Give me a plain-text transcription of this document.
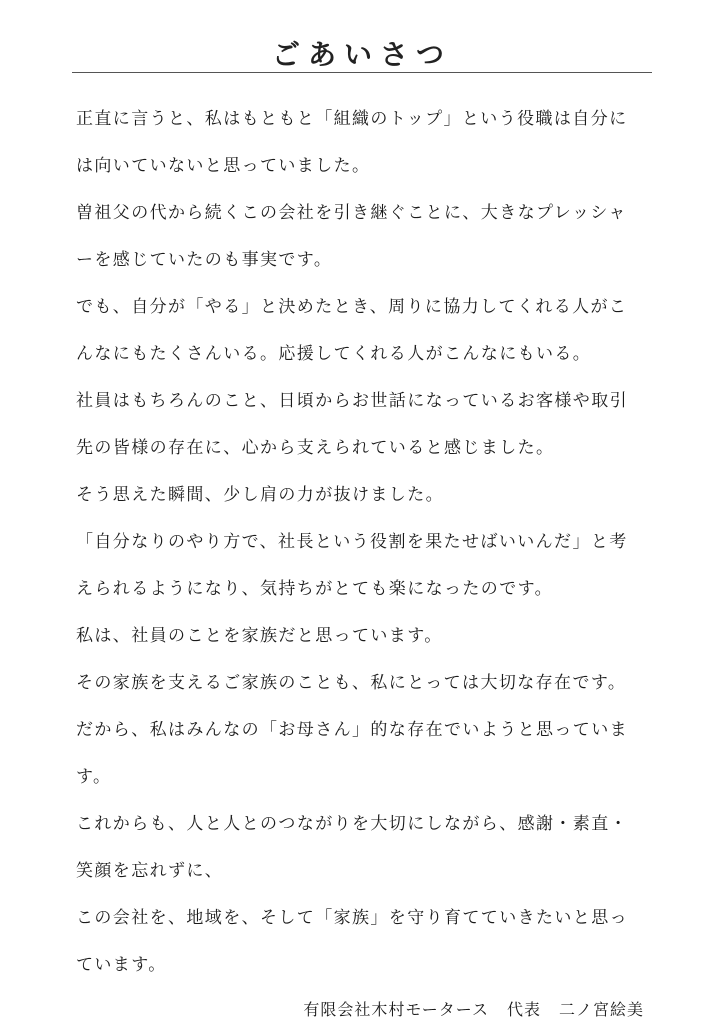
ごあいさつ

正直に言うと、私はもともと「組織のトップ」という役職は自分に

は向いていないと思っていました。

曽祖父の代から続くこの会社を引き継ぐことに、大きなプレッシャ

ーを感じていたのも事実です。

でも、自分が「やる」と決めたとき、周りに協力してくれる人がこ

んなにもたくさんいる。応援してくれる人がこんなにもいる。

社員はもちろんのこと、日頃からお世話になっているお客様や取引

先の皆様の存在に、心から支えられていると感じました。

そう思えた瞬間、少し肩の力が抜けました。

「自分なりのやり方で、社長という役割を果たせばいいんだ」と考

えられるようになり、気持ちがとても楽になったのです。

私は、社員のことを家族だと思っています。

その家族を支えるご家族のことも、私にとっては大切な存在です。

だから、私はみんなの「お母さん」的な存在でいようと思っていま

す。

これからも、人と人とのつながりを大切にしながら、感謝・素直・

笑顔を忘れずに、

この会社を、地域を、そして「家族」を守り育てていきたいと思っ

ています。

有限会社木村モータース 代表 二ノ宮絵美
